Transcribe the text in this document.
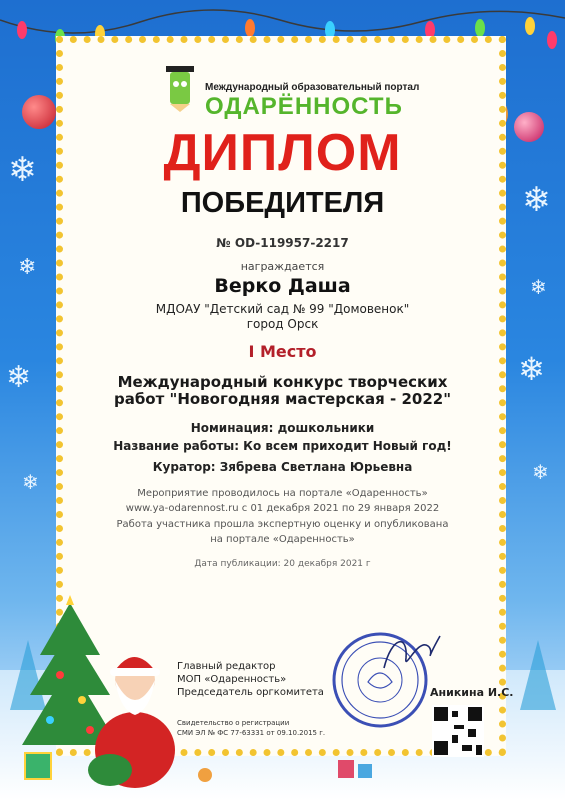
❄
❄
❄
❄
❄
❄
❄
❄
Международный образовательный портал
ОДАРЁННОСТЬ
ДИПЛОМ
ПОБЕДИТЕЛЯ
№ OD-119957-2217
награждается
Верко Даша
МДОАУ "Детский сад № 99 "Домовенок"
город Орск
I Место
Международный конкурс творческих
работ "Новогодняя мастерская - 2022"
Номинация: дошкольники
Название работы: Ко всем приходит Новый год!
Куратор: Зябрева Светлана Юрьевна
Мероприятие проводилось на портале «Одаренность»
www.ya-odarennost.ru с 01 декабря 2021 по 29 января 2022
Работа участника прошла экспертную оценку и опубликована
на портале «Одаренность»
Дата публикации: 20 декабря 2021 г
Главный редактор
МОП «Одаренность»
Председатель оргкомитета
Свидетельство о регистрации
СМИ ЭЛ № ФС 77-63331 от 09.10.2015 г.
Аникина И.С.
